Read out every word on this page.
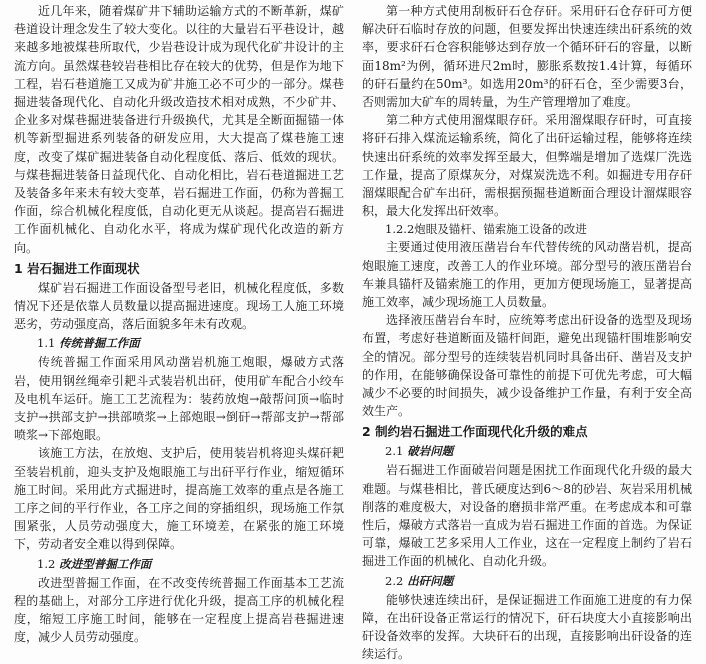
近几年来，随着煤矿井下辅助运输方式的不断革新，煤矿巷道设计理念发生了较大变化。以往的大量岩石平巷设计，越来越多地被煤巷所取代，少岩巷设计成为现代化矿井设计的主流方向。虽然煤巷较岩巷相比存在较大的优势，但是作为地下工程，岩石巷道施工又成为矿井施工必不可少的一部分。煤巷掘进装备现代化、自动化升级改造技术相对成熟，不少矿井、企业多对煤巷掘进装备进行升级换代，尤其是全断面掘锚一体机等新型掘进系列装备的研发应用，大大提高了煤巷施工速度，改变了煤矿掘进装备自动化程度低、落后、低效的现状。与煤巷掘进装备日益现代化、自动化相比，岩石巷道掘进工艺及装备多年来未有较大变革，岩石掘进工作面，仍称为普掘工作面，综合机械化程度低，自动化更无从谈起。提高岩石掘进工作面机械化、自动化水平，将成为煤矿现代化改造的新方向。

1 岩石掘进工作面现状

煤矿岩石掘进工作面设备型号老旧，机械化程度低，多数情况下还是依靠人员数量以提高掘进速度。现场工人施工环境恶劣，劳动强度高，落后面貌多年未有改观。

1.1 传统普掘工作面

传统普掘工作面采用风动凿岩机施工炮眼，爆破方式落岩，使用钢丝绳牵引耙斗式装岩机出矸，使用矿车配合小绞车及电机车运矸。施工工艺流程为：装药放炮→敲帮问顶→临时支护→拱部支护→拱部喷浆→上部炮眼→倒矸→帮部支护→帮部喷浆→下部炮眼。

该施工方法，在放炮、支护后，使用装岩机将迎头煤矸耙至装岩机前，迎头支护及炮眼施工与出矸平行作业，缩短循环施工时间。采用此方式掘进时，提高施工效率的重点是各施工工序之间的平行作业，各工序之间的穿插组织，现场施工作氛围紧张，人员劳动强度大，施工环境差，在紧张的施工环境下，劳动者安全难以得到保障。

1.2 改进型普掘工作面

改进型普掘工作面，在不改变传统普掘工作面基本工艺流程的基础上，对部分工序进行优化升级，提高工序的机械化程度，缩短工序施工时间，能够在一定程度上提高岩巷掘进速度，减少人员劳动强度。

第一种方式使用刮板矸石仓存矸。采用矸石仓存矸可方便解决矸石临时存放的问题，但要发挥出快速连续出矸系统的效率，要求矸石仓容积能够达到存放一个循环矸石的容量，以断面18m²为例，循环进尺2m时，膨胀系数按1.4计算，每循环的矸石量约在50m³。如选用20m³的矸石仓，至少需要3台，否则需加大矿车的周转量，为生产管理增加了难度。

第二种方式使用溜煤眼存矸。采用溜煤眼存矸时，可直接将矸石排入煤流运输系统，简化了出矸运输过程，能够将连续快速出矸系统的效率发挥至最大，但弊端是增加了选煤厂洗选工作量，提高了原煤灰分，对煤炭洗选不利。如掘进专用存矸溜煤眼配合矿车出矸，需根据预掘巷道断面合理设计溜煤眼容积，最大化发挥出矸效率。

1.2.2炮眼及锚杆、锚索施工设备的改进

主要通过使用液压凿岩台车代替传统的风动凿岩机，提高炮眼施工速度，改善工人的作业环境。部分型号的液压凿岩台车兼具锚杆及锚索施工的作用，更加方便现场施工，显著提高施工效率，减少现场施工人员数量。

选择液压凿岩台车时，应统筹考虑出矸设备的选型及现场布置，考虑好巷道断面及锚杆间距，避免出现锚杆围堆影响安全的情况。部分型号的连续装岩机同时具备出矸、凿岩及支护的作用，在能够确保设备可靠性的前提下可优先考虑，可大幅减少不必要的时间损失，减少设备维护工作量，有利于安全高效生产。

2 制约岩石掘进工作面现代化升级的难点
2.1 破岩问题

岩石掘进工作面破岩问题是困扰工作面现代化升级的最大难题。与煤巷相比，普氏硬度达到6～8的砂岩、灰岩采用机械削落的难度极大，对设备的磨损非常严重。在考虑成本和可靠性后，爆破方式落岩一直成为岩石掘进工作面的首选。为保证可靠，爆破工艺多采用人工作业，这在一定程度上制约了岩石掘进工作面的机械化、自动化升级。

2.2 出矸问题

能够快速连续出矸，是保证掘进工作面施工进度的有力保障，在出矸设备正常运行的情况下，矸石块度大小直接影响出矸设备效率的发挥。大块矸石的出现，直接影响出矸设备的连续运行。
